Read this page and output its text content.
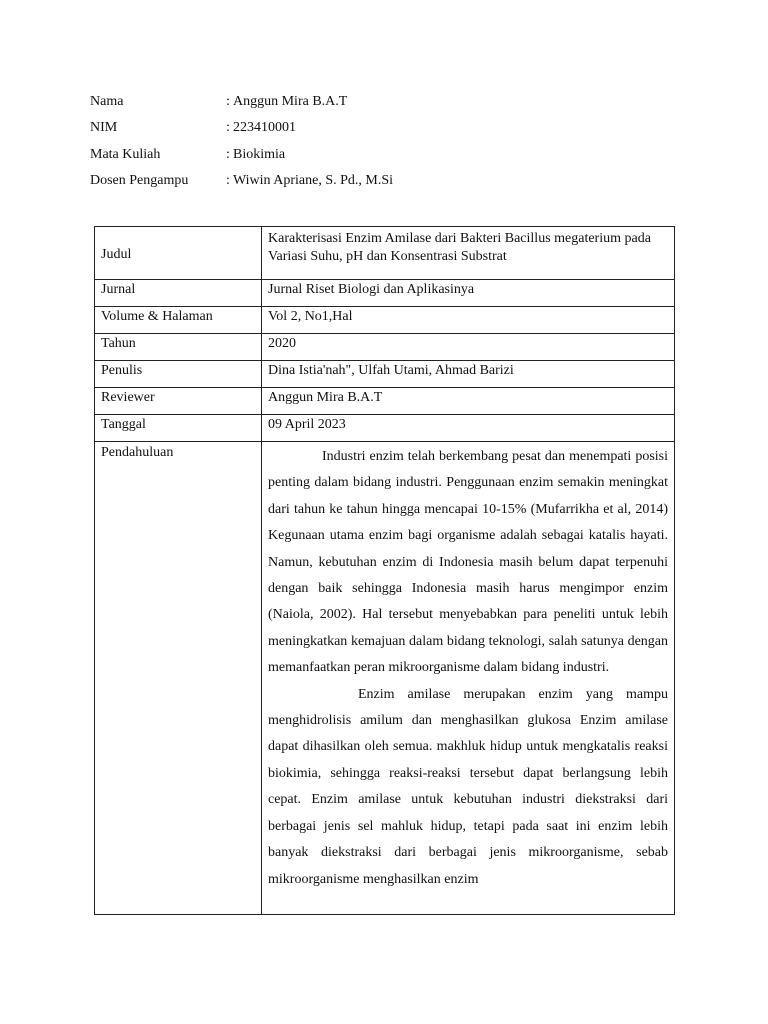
Nama	: Anggun Mira B.A.T
NIM	: 223410001
Mata Kuliah	: Biokimia
Dosen Pengampu	: Wiwin Apriane, S. Pd., M.Si
Judul	Karakterisasi Enzim Amilase dari Bakteri Bacillus megaterium pada Variasi Suhu, pH dan Konsentrasi Substrat
Jurnal	Jurnal Riset Biologi dan Aplikasinya
Volume & Halaman	Vol 2, No1,Hal
Tahun	2020
Penulis	Dina Istia'nah", Ulfah Utami, Ahmad Barizi
Reviewer	Anggun Mira B.A.T
Tanggal	09 April 2023
Pendahuluan	Industri enzim telah berkembang pesat dan menempati posisi penting dalam bidang industri. Penggunaan enzim semakin meningkat dari tahun ke tahun hingga mencapai 10-15% (Mufarrikha et al, 2014) Kegunaan utama enzim bagi organisme adalah sebagai katalis hayati. Namun, kebutuhan enzim di Indonesia masih belum dapat terpenuhi dengan baik sehingga Indonesia masih harus mengimpor enzim (Naiola, 2002). Hal tersebut menyebabkan para peneliti untuk lebih meningkatkan kemajuan dalam bidang teknologi, salah satunya dengan memanfaatkan peran mikroorganisme dalam bidang industri.

Enzim amilase merupakan enzim yang mampu menghidrolisis amilum dan menghasilkan glukosa Enzim amilase dapat dihasilkan oleh semua. makhluk hidup untuk mengkatalis reaksi biokimia, sehingga reaksi-reaksi tersebut dapat berlangsung lebih cepat. Enzim amilase untuk kebutuhan industri diekstraksi dari berbagai jenis sel mahluk hidup, tetapi pada saat ini enzim lebih banyak diekstraksi dari berbagai jenis mikroorganisme, sebab mikroorganisme menghasilkan enzim
